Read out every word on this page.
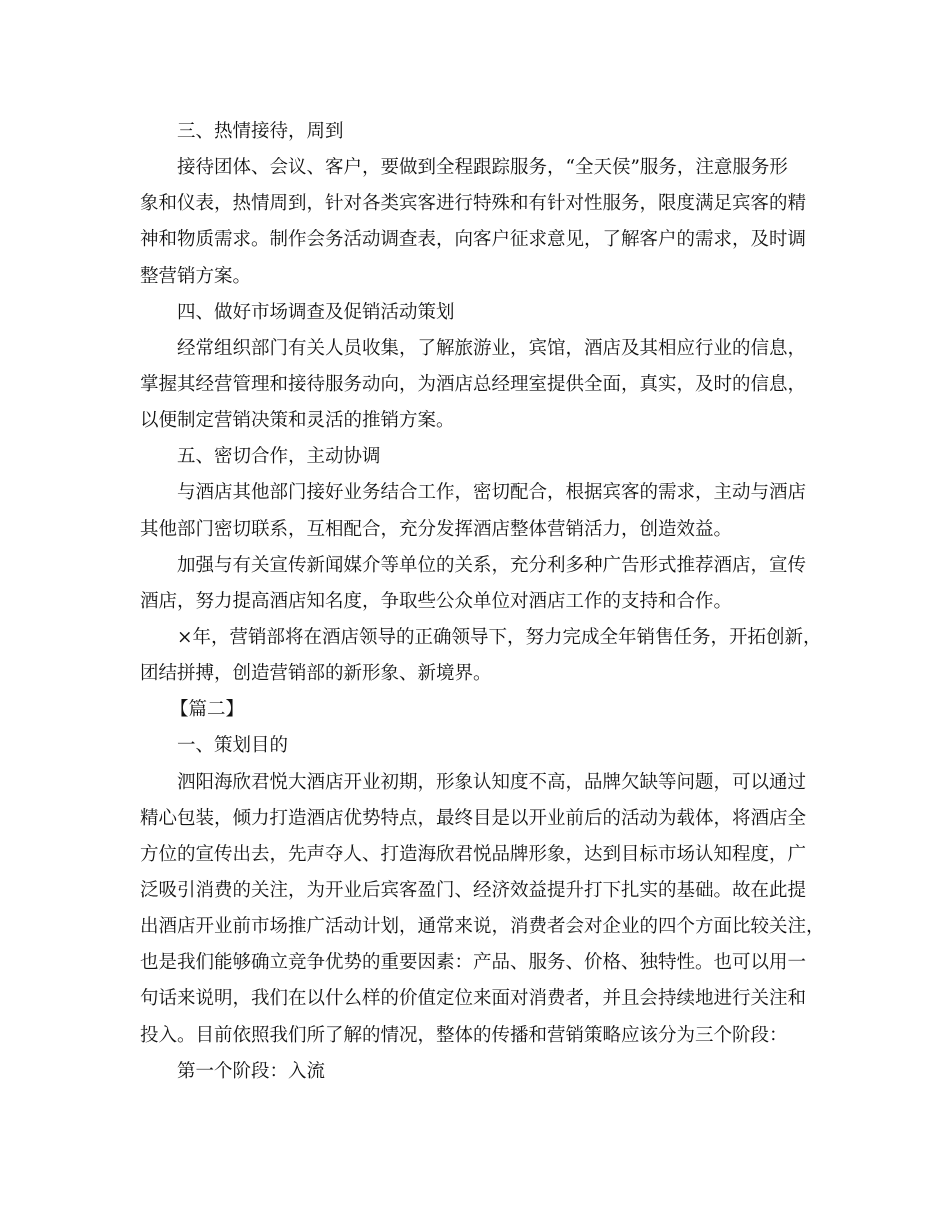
三、热情接待，周到
接待团体、会议、客户，要做到全程跟踪服务，“全天侯”服务，注意服务形
象和仪表，热情周到，针对各类宾客进行特殊和有针对性服务，限度满足宾客的精
神和物质需求。制作会务活动调查表，向客户征求意见，了解客户的需求，及时调
整营销方案。
四、做好市场调查及促销活动策划
经常组织部门有关人员收集，了解旅游业，宾馆，酒店及其相应行业的信息，
掌握其经营管理和接待服务动向，为酒店总经理室提供全面，真实，及时的信息，
以便制定营销决策和灵活的推销方案。
五、密切合作，主动协调
与酒店其他部门接好业务结合工作，密切配合，根据宾客的需求，主动与酒店
其他部门密切联系，互相配合，充分发挥酒店整体营销活力，创造效益。
加强与有关宣传新闻媒介等单位的关系，充分利多种广告形式推荐酒店，宣传
酒店，努力提高酒店知名度，争取些公众单位对酒店工作的支持和合作。
×年，营销部将在酒店领导的正确领导下，努力完成全年销售任务，开拓创新，
团结拼搏，创造营销部的新形象、新境界。
【篇二】
一、策划目的
泗阳海欣君悦大酒店开业初期，形象认知度不高，品牌欠缺等问题，可以通过
精心包装，倾力打造酒店优势特点，最终目是以开业前后的活动为载体，将酒店全
方位的宣传出去，先声夺人、打造海欣君悦品牌形象，达到目标市场认知程度，广
泛吸引消费的关注，为开业后宾客盈门、经济效益提升打下扎实的基础。故在此提
出酒店开业前市场推广活动计划，通常来说，消费者会对企业的四个方面比较关注，
也是我们能够确立竞争优势的重要因素：产品、服务、价格、独特性。也可以用一
句话来说明，我们在以什么样的价值定位来面对消费者，并且会持续地进行关注和
投入。目前依照我们所了解的情况，整体的传播和营销策略应该分为三个阶段：
第一个阶段：入流
